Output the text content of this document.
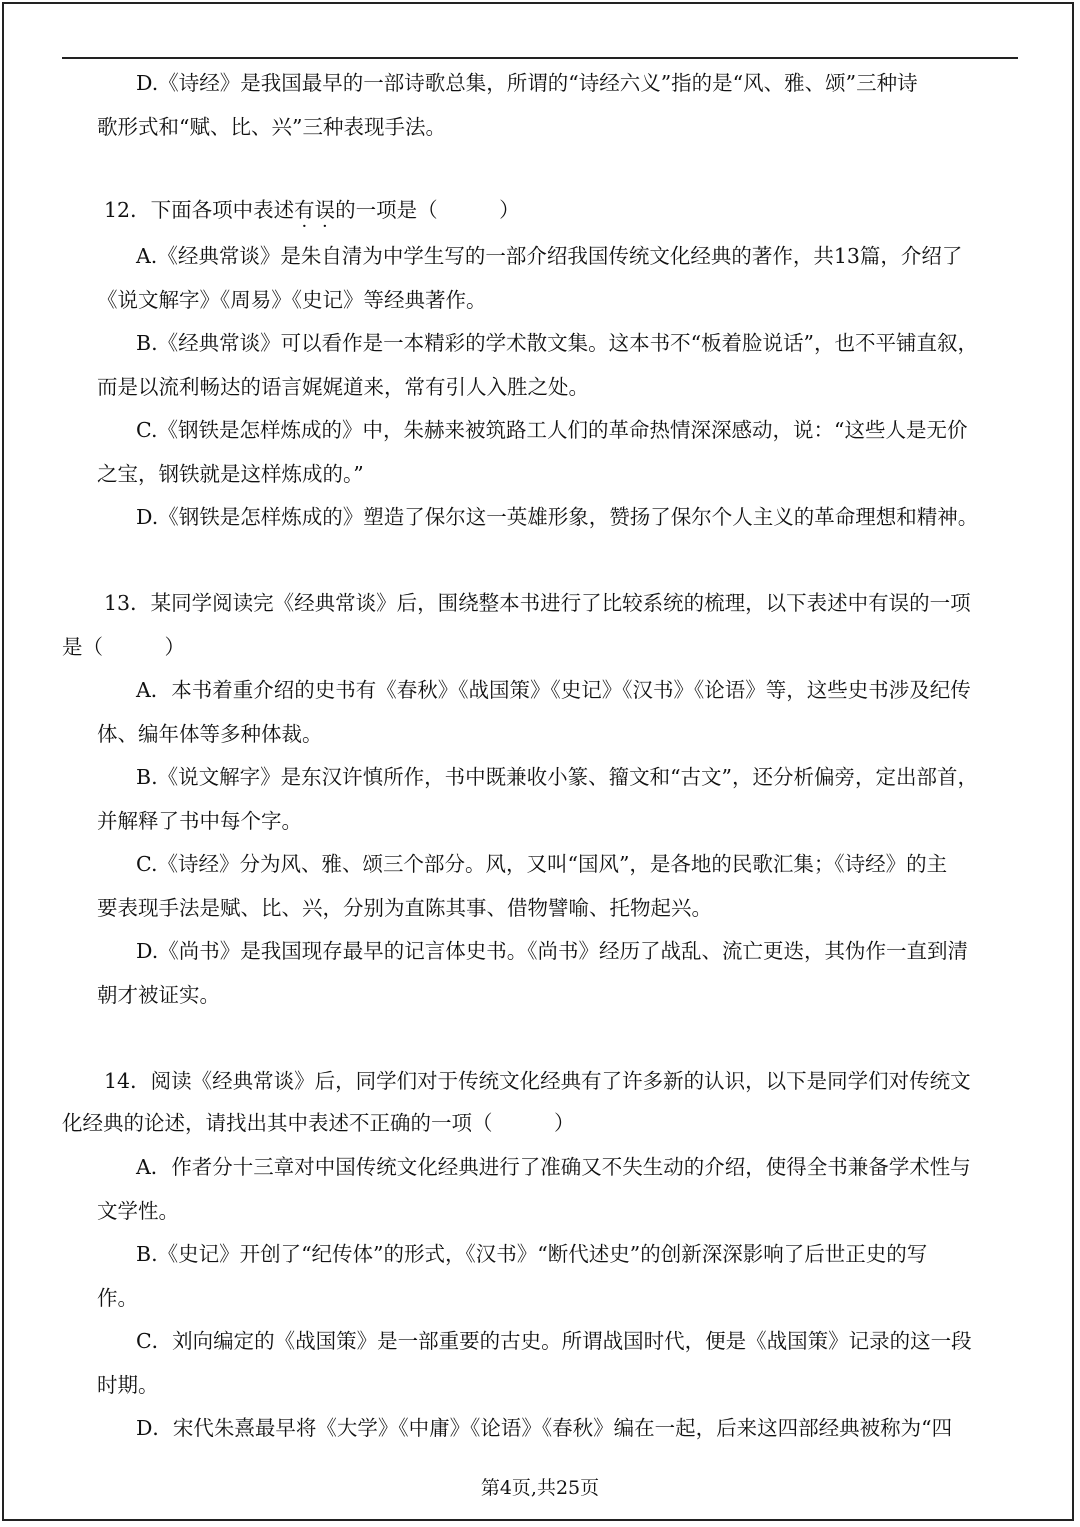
D.《诗经》是我国最早的一部诗歌总集，所谓的“诗经六义”指的是“风、雅、颂”三种诗
歌形式和“赋、比、兴”三种表现手法。
12．下面各项中表述有误的一项是（　　　）
A.《经典常谈》是朱自清为中学生写的一部介绍我国传统文化经典的著作，共13篇，介绍了
《说文解字》《周易》《史记》等经典著作。
B.《经典常谈》可以看作是一本精彩的学术散文集。这本书不“板着脸说话”，也不平铺直叙，
而是以流利畅达的语言娓娓道来，常有引人入胜之处。
C.《钢铁是怎样炼成的》中，朱赫来被筑路工人们的革命热情深深感动，说：“这些人是无价
之宝，钢铁就是这样炼成的。”
D.《钢铁是怎样炼成的》塑造了保尔这一英雄形象，赞扬了保尔个人主义的革命理想和精神。
13．某同学阅读完《经典常谈》后，围绕整本书进行了比较系统的梳理，以下表述中有误的一项
是（　　　）
A．本书着重介绍的史书有《春秋》《战国策》《史记》《汉书》《论语》等，这些史书涉及纪传
体、编年体等多种体裁。
B.《说文解字》是东汉许慎所作，书中既兼收小篆、籀文和“古文”，还分析偏旁，定出部首，
并解释了书中每个字。
C.《诗经》分为风、雅、颂三个部分。风，又叫“国风”，是各地的民歌汇集；《诗经》的主
要表现手法是赋、比、兴，分别为直陈其事、借物譬喻、托物起兴。
D.《尚书》是我国现存最早的记言体史书。《尚书》经历了战乱、流亡更迭，其伪作一直到清
朝才被证实。
14．阅读《经典常谈》后，同学们对于传统文化经典有了许多新的认识，以下是同学们对传统文
化经典的论述，请找出其中表述不正确的一项（　　　）
A．作者分十三章对中国传统文化经典进行了准确又不失生动的介绍，使得全书兼备学术性与
文学性。
B.《史记》开创了“纪传体”的形式，《汉书》“断代述史”的创新深深影响了后世正史的写
作。
C．刘向编定的《战国策》是一部重要的古史。所谓战国时代，便是《战国策》记录的这一段
时期。
D．宋代朱熹最早将《大学》《中庸》《论语》《春秋》编在一起，后来这四部经典被称为“四
第4页,共25页
